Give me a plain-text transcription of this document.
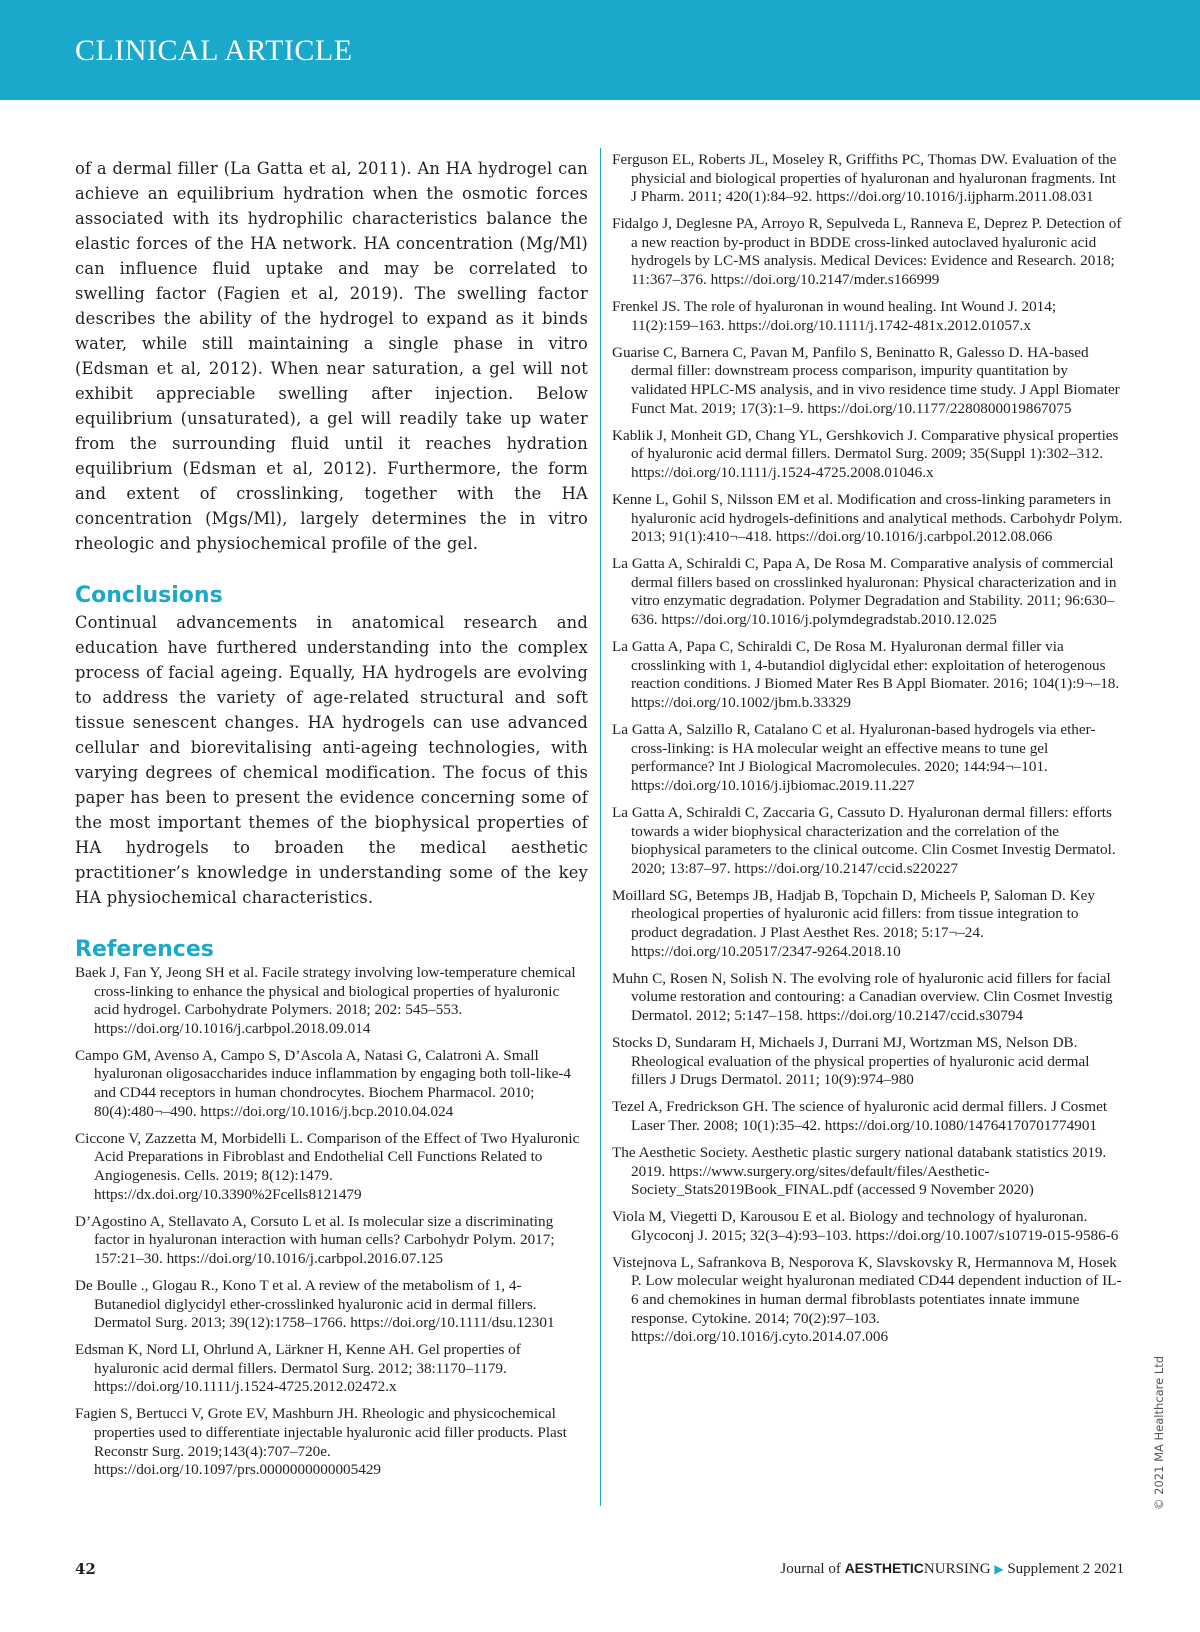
CLINICAL ARTICLE

of a dermal filler (La Gatta et al, 2011). An HA hydrogel can achieve an equilibrium hydration when the osmotic forces associated with its hydrophilic characteristics balance the elastic forces of the HA network. HA concentration (Mg/Ml) can influence fluid uptake and may be correlated to swelling factor (Fagien et al, 2019). The swelling factor describes the ability of the hydrogel to expand as it binds water, while still maintaining a single phase in vitro (Edsman et al, 2012). When near saturation, a gel will not exhibit appreciable swelling after injection. Below equilibrium (unsaturated), a gel will readily take up water from the surrounding fluid until it reaches hydration equilibrium (Edsman et al, 2012). Furthermore, the form and extent of crosslinking, together with the HA concentration (Mgs/Ml), largely determines the in vitro rheologic and physiochemical profile of the gel.

Conclusions

Continual advancements in anatomical research and education have furthered understanding into the complex process of facial ageing. Equally, HA hydrogels are evolving to address the variety of age-related structural and soft tissue senescent changes. HA hydrogels can use advanced cellular and biorevitalising anti-ageing technologies, with varying degrees of chemical modification. The focus of this paper has been to present the evidence concerning some of the most important themes of the biophysical properties of HA hydrogels to broaden the medical aesthetic practitioner’s knowledge in understanding some of the key HA physiochemical characteristics.

References

Baek J, Fan Y, Jeong SH et al. Facile strategy involving low-temperature chemical cross-linking to enhance the physical and biological properties of hyaluronic acid hydrogel. Carbohydrate Polymers. 2018; 202: 545–553. https://doi.org/10.1016/j.carbpol.2018.09.014

Campo GM, Avenso A, Campo S, D’Ascola A, Natasi G, Calatroni A. Small hyaluronan oligosaccharides induce inflammation by engaging both toll-like-4 and CD44 receptors in human chondrocytes. Biochem Pharmacol. 2010; 80(4):480¬–490. https://doi.org/10.1016/j.bcp.2010.04.024

Ciccone V, Zazzetta M, Morbidelli L. Comparison of the Effect of Two Hyaluronic Acid Preparations in Fibroblast and Endothelial Cell Functions Related to Angiogenesis. Cells. 2019; 8(12):1479. https://dx.doi.org/10.3390%2Fcells8121479

D’Agostino A, Stellavato A, Corsuto L et al. Is molecular size a discriminating factor in hyaluronan interaction with human cells? Carbohydr Polym. 2017; 157:21–30. https://doi.org/10.1016/j.carbpol.2016.07.125

De Boulle ., Glogau R., Kono T et al. A review of the metabolism of 1, 4-Butanediol diglycidyl ether-crosslinked hyaluronic acid in dermal fillers. Dermatol Surg. 2013; 39(12):1758–1766. https://doi.org/10.1111/dsu.12301

Edsman K, Nord LI, Ohrlund A, Lärkner H, Kenne AH. Gel properties of hyaluronic acid dermal fillers. Dermatol Surg. 2012; 38:1170–1179. https://doi.org/10.1111/j.1524-4725.2012.02472.x

Fagien S, Bertucci V, Grote EV, Mashburn JH. Rheologic and physicochemical properties used to differentiate injectable hyaluronic acid filler products. Plast Reconstr Surg. 2019;143(4):707–720e. https://doi.org/10.1097/prs.0000000000005429

Ferguson EL, Roberts JL, Moseley R, Griffiths PC, Thomas DW. Evaluation of the physicial and biological properties of hyaluronan and hyaluronan fragments. Int J Pharm. 2011; 420(1):84–92. https://doi.org/10.1016/j.ijpharm.2011.08.031

Fidalgo J, Deglesne PA, Arroyo R, Sepulveda L, Ranneva E, Deprez P. Detection of a new reaction by-product in BDDE cross-linked autoclaved hyaluronic acid hydrogels by LC-MS analysis. Medical Devices: Evidence and Research. 2018; 11:367–376. https://doi.org/10.2147/mder.s166999

Frenkel JS. The role of hyaluronan in wound healing. Int Wound J. 2014; 11(2):159–163. https://doi.org/10.1111/j.1742-481x.2012.01057.x

Guarise C, Barnera C, Pavan M, Panfilo S, Beninatto R, Galesso D. HA-based dermal filler: downstream process comparison, impurity quantitation by validated HPLC-MS analysis, and in vivo residence time study. J Appl Biomater Funct Mat. 2019; 17(3):1–9. https://doi.org/10.1177/2280800019867075

Kablik J, Monheit GD, Chang YL, Gershkovich J. Comparative physical properties of hyaluronic acid dermal fillers. Dermatol Surg. 2009; 35(Suppl 1):302–312. https://doi.org/10.1111/j.1524-4725.2008.01046.x

Kenne L, Gohil S, Nilsson EM et al. Modification and cross-linking parameters in hyaluronic acid hydrogels-definitions and analytical methods. Carbohydr Polym. 2013; 91(1):410¬–418. https://doi.org/10.1016/j.carbpol.2012.08.066

La Gatta A, Schiraldi C, Papa A, De Rosa M. Comparative analysis of commercial dermal fillers based on crosslinked hyaluronan: Physical characterization and in vitro enzymatic degradation. Polymer Degradation and Stability. 2011; 96:630–636. https://doi.org/10.1016/j.polymdegradstab.2010.12.025

La Gatta A, Papa C, Schiraldi C, De Rosa M. Hyaluronan dermal filler via crosslinking with 1, 4-butandiol diglycidal ether: exploitation of heterogenous reaction conditions. J Biomed Mater Res B Appl Biomater. 2016; 104(1):9¬–18. https://doi.org/10.1002/jbm.b.33329

La Gatta A, Salzillo R, Catalano C et al. Hyaluronan-based hydrogels via ether-cross-linking: is HA molecular weight an effective means to tune gel performance? Int J Biological Macromolecules. 2020; 144:94¬–101. https://doi.org/10.1016/j.ijbiomac.2019.11.227

La Gatta A, Schiraldi C, Zaccaria G, Cassuto D. Hyaluronan dermal fillers: efforts towards a wider biophysical characterization and the correlation of the biophysical parameters to the clinical outcome. Clin Cosmet Investig Dermatol. 2020; 13:87–97. https://doi.org/10.2147/ccid.s220227

Moillard SG, Betemps JB, Hadjab B, Topchain D, Micheels P, Saloman D. Key rheological properties of hyaluronic acid fillers: from tissue integration to product degradation. J Plast Aesthet Res. 2018; 5:17¬–24. https://doi.org/10.20517/2347-9264.2018.10

Muhn C, Rosen N, Solish N. The evolving role of hyaluronic acid fillers for facial volume restoration and contouring: a Canadian overview. Clin Cosmet Investig Dermatol. 2012; 5:147–158. https://doi.org/10.2147/ccid.s30794

Stocks D, Sundaram H, Michaels J, Durrani MJ, Wortzman MS, Nelson DB. Rheological evaluation of the physical properties of hyaluronic acid dermal fillers J Drugs Dermatol. 2011; 10(9):974–980

Tezel A, Fredrickson GH. The science of hyaluronic acid dermal fillers. J Cosmet Laser Ther. 2008; 10(1):35–42. https://doi.org/10.1080/14764170701774901

The Aesthetic Society. Aesthetic plastic surgery national databank statistics 2019. 2019. https://www.surgery.org/sites/default/files/Aesthetic-Society_Stats2019Book_FINAL.pdf (accessed 9 November 2020)

Viola M, Viegetti D, Karousou E et al. Biology and technology of hyaluronan. Glycoconj J. 2015; 32(3–4):93–103. https://doi.org/10.1007/s10719-015-9586-6

Vistejnova L, Safrankova B, Nesporova K, Slavskovsky R, Hermannova M, Hosek P. Low molecular weight hyaluronan mediated CD44 dependent induction of IL-6 and chemokines in human dermal fibroblasts potentiates innate immune response. Cytokine. 2014; 70(2):97–103. https://doi.org/10.1016/j.cyto.2014.07.006

© 2021 MA Healthcare Ltd
42	Journal of AESTHETICNURSING ▶ Supplement 2 2021
